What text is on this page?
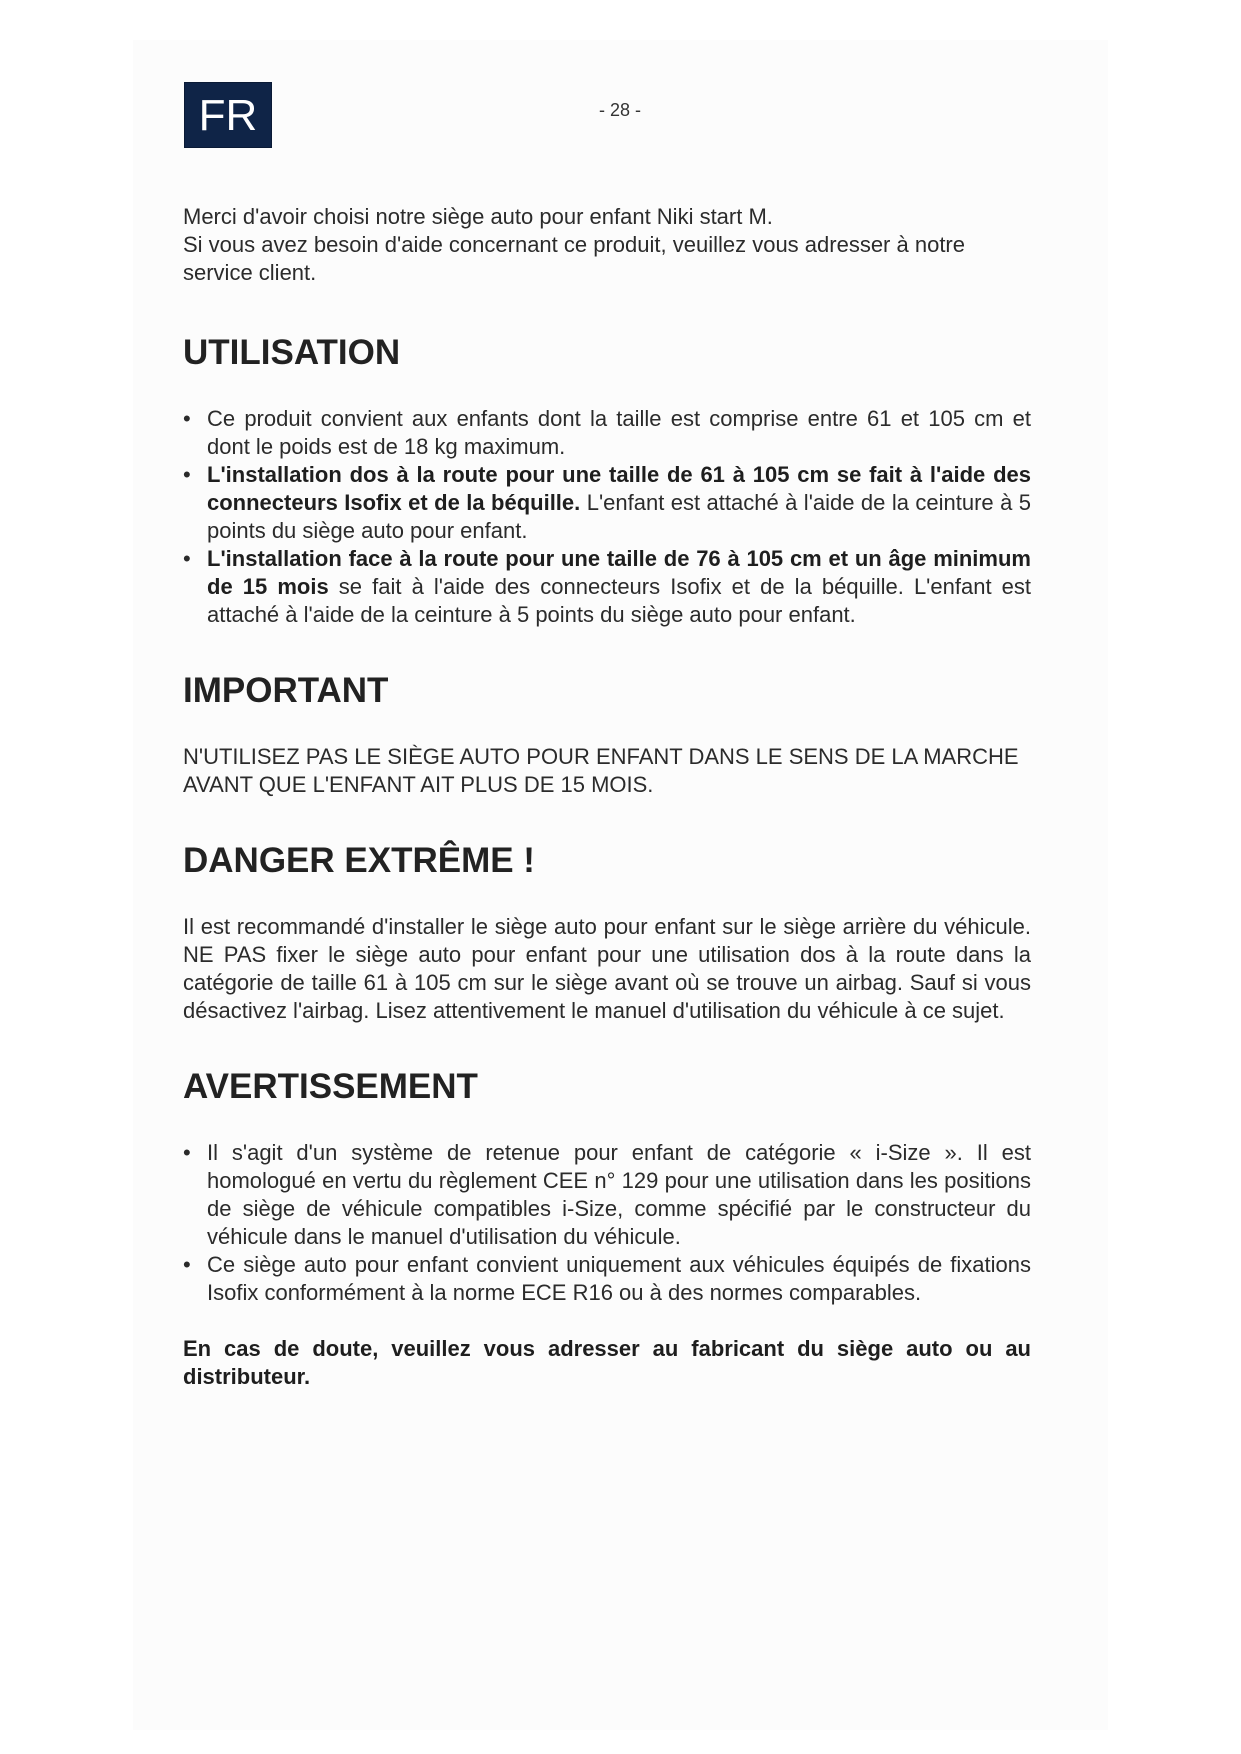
FR	- 28 -

Merci d'avoir choisi notre siège auto pour enfant Niki start M.

Si vous avez besoin d'aide concernant ce produit, veuillez vous adresser à notre service client.

UTILISATION
• Ce produit convient aux enfants dont la taille est comprise entre 61 et 105 cm et dont le poids est de 18 kg maximum.
• L'installation dos à la route pour une taille de 61 à 105 cm se fait à l'aide des connecteurs Isofix et de la béquille. L'enfant est attaché à l'aide de la ceinture à 5 points du siège auto pour enfant.
• L'installation face à la route pour une taille de 76 à 105 cm et un âge minimum de 15 mois se fait à l'aide des connecteurs Isofix et de la béquille. L'enfant est attaché à l'aide de la ceinture à 5 points du siège auto pour enfant.
IMPORTANT

N'UTILISEZ PAS LE SIÈGE AUTO POUR ENFANT DANS LE SENS DE LA MARCHE AVANT QUE L'ENFANT AIT PLUS DE 15 MOIS.

DANGER EXTRÊME !

Il est recommandé d'installer le siège auto pour enfant sur le siège arrière du véhicule. NE PAS fixer le siège auto pour enfant pour une utilisation dos à la route dans la catégorie de taille 61 à 105 cm sur le siège avant où se trouve un airbag. Sauf si vous désactivez l'airbag. Lisez attentivement le manuel d'utilisation du véhicule à ce sujet.

AVERTISSEMENT
• Il s'agit d'un système de retenue pour enfant de catégorie « i-Size ». Il est homologué en vertu du règlement CEE n° 129 pour une utilisation dans les positions de siège de véhicule compatibles i-Size, comme spécifié par le constructeur du véhicule dans le manuel d'utilisation du véhicule.
• Ce siège auto pour enfant convient uniquement aux véhicules équipés de fixations Isofix conformément à la norme ECE R16 ou à des normes comparables.

En cas de doute, veuillez vous adresser au fabricant du siège auto ou au distributeur.
